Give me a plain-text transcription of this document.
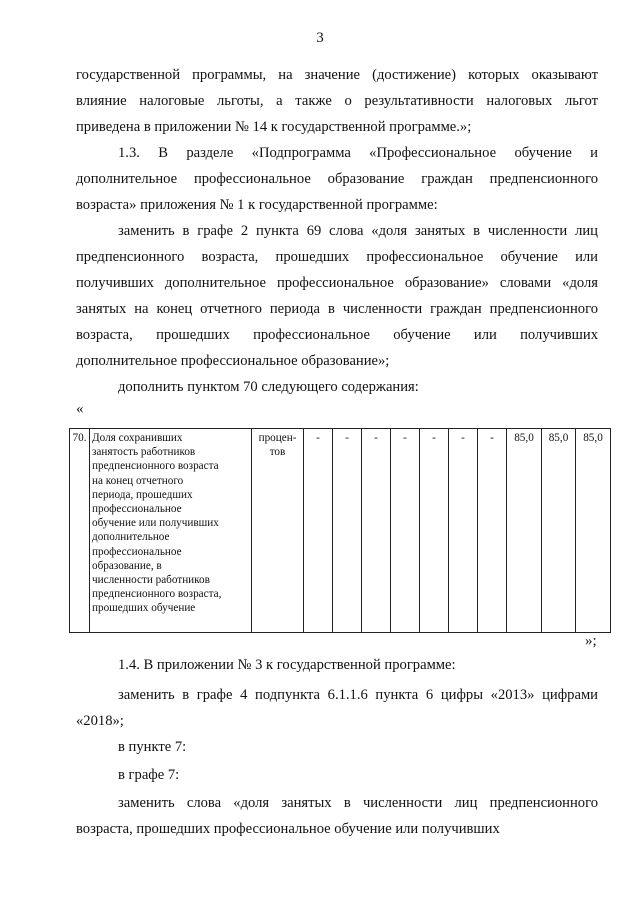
3
государственной программы, на значение (достижение) которых оказывают
влияние налоговые льготы, а также о результативности налоговых льгот
приведена в приложении № 14 к государственной программе.»;
1.3. В разделе «Подпрограмма «Профессиональное обучение и дополнительное профессиональное образование граждан предпенсионного возраста» приложения № 1 к государственной программе:
заменить в графе 2 пункта 69 слова «доля занятых в численности лиц предпенсионного возраста, прошедших профессиональное обучение или получивших дополнительное профессиональное образование» словами «доля занятых на конец отчетного периода в численности граждан предпенсионного возраста, прошедших профессиональное обучение или получивших дополнительное профессиональное образование»;
дополнить пунктом 70 следующего содержания:
«
70.	Доля сохранивших
занятость работников
предпенсионного возраста
на конец отчетного
периода, прошедших
профессиональное
обучение или получивших
дополнительное
профессиональное
образование, в
численности работников
предпенсионного возраста,
прошедших обучение

процен-
тов
	-	-	-	-	-	-	-	85,0	85,0	85,0
»;
1.4. В приложении № 3 к государственной программе:
заменить в графе 4 подпункта 6.1.1.6 пункта 6 цифры «2013» цифрами «2018»;
в пункте 7:
в графе 7:
заменить слова «доля занятых в численности лиц предпенсионного возраста, прошедших профессиональное обучение или получивших
